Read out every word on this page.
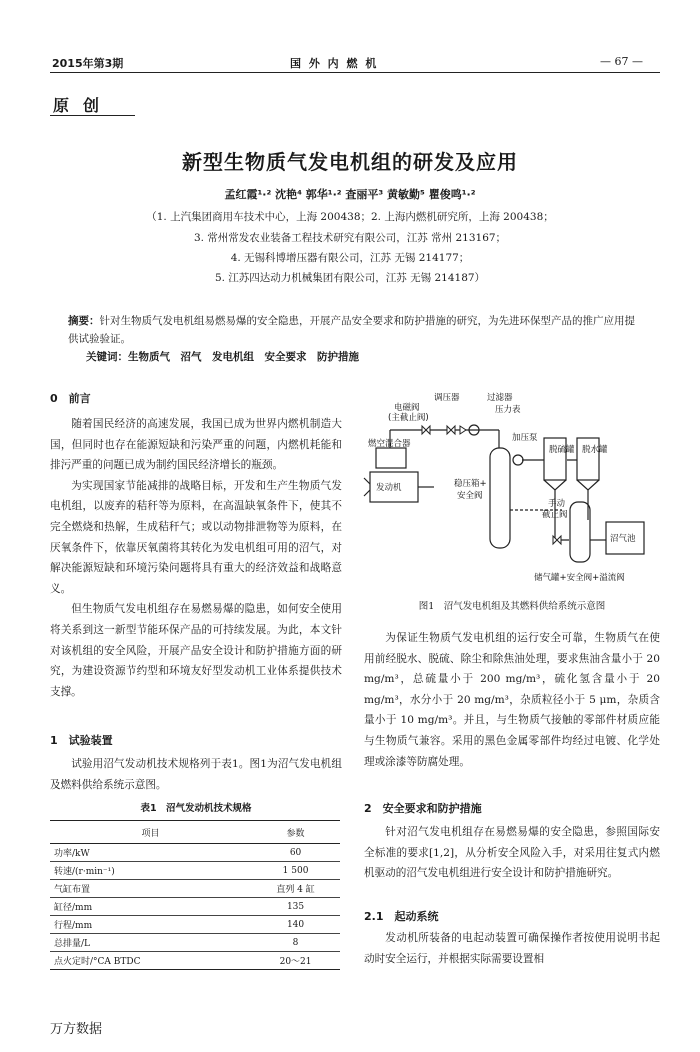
2015年第3期	国 外 内 燃 机	— 67 —
原创
新型生物质气发电机组的研发及应用
孟红霞¹·² 沈艳⁴ 郭华¹·² 査丽平³ 黄敏勤⁵ 瞿俊鸣¹·²
（1. 上汽集团商用车技术中心，上海 200438；2. 上海内燃机研究所，上海 200438；
3. 常州常发农业装备工程技术研究有限公司，江苏 常州 213167；
4. 无锡科博增压器有限公司，江苏 无锡 214177；
5. 江苏四达动力机械集团有限公司，江苏 无锡 214187）
摘要：针对生物质气发电机组易燃易爆的安全隐患，开展产品安全要求和防护措施的研究，为先进环保型产品的推广应用提供试验验证。
关键词：生物质气　沼气　发电机组　安全要求　防护措施
0　前言

随着国民经济的高速发展，我国已成为世界内燃机制造大国，但同时也存在能源短缺和污染严重的问题，内燃机耗能和排污严重的问题已成为制约国民经济增长的瓶颈。

为实现国家节能减排的战略目标，开发和生产生物质气发电机组，以废弃的秸秆等为原料，在高温缺氧条件下，使其不完全燃烧和热解，生成秸秆气；或以动物排泄物等为原料，在厌氧条件下，依靠厌氧菌将其转化为发电机组可用的沼气，对解决能源短缺和环境污染问题将具有重大的经济效益和战略意义。

但生物质气发电机组存在易燃易爆的隐患，如何安全使用将关系到这一新型节能环保产品的可持续发展。为此，本文针对该机组的安全风险，开展产品安全设计和防护措施方面的研究，为建设资源节约型和环境友好型发动机工业体系提供技术支撑。

1　试验装置

试验用沼气发动机技术规格列于表1。图1为沼气发电机组及燃料供给系统示意图。

表1　沼气发动机技术规格
项目	参数
功率/kW	60
转速/(r·min⁻¹)	1 500
气缸布置	直列 4 缸
缸径/mm	135
行程/mm	140
总排量/L	8
点火定时/°CA BTDC	20～21
调压器	过滤器
压力表
电磁阀
(主截止阀)
燃空混合器
发动机
加压泵
脱硫罐 脱水罐
稳压箱+
安全阀
手动
截止阀
沼气池
储气罐+安全阀+溢流阀
图1　沼气发电机组及其燃料供给系统示意图

为保证生物质气发电机组的运行安全可靠，生物质气在使用前经脱水、脱硫、除尘和除焦油处理，要求焦油含量小于 20 mg/m³，总硫量小于 200 mg/m³，硫化氢含量小于 20 mg/m³，水分小于 20 mg/m³，杂质粒径小于 5 μm，杂质含量小于 10 mg/m³。并且，与生物质气接触的零部件材质应能与生物质气兼容。采用的黑色金属零部件均经过电镀、化学处理或涂漆等防腐处理。

2　安全要求和防护措施

针对沼气发电机组存在易燃易爆的安全隐患，参照国际安全标准的要求[1,2]，从分析安全风险入手，对采用往复式内燃机驱动的沼气发电机组进行安全设计和防护措施研究。

2.1　起动系统

发动机所装备的电起动装置可确保操作者按使用说明书起动时安全运行，并根据实际需要设置相

万方数据
